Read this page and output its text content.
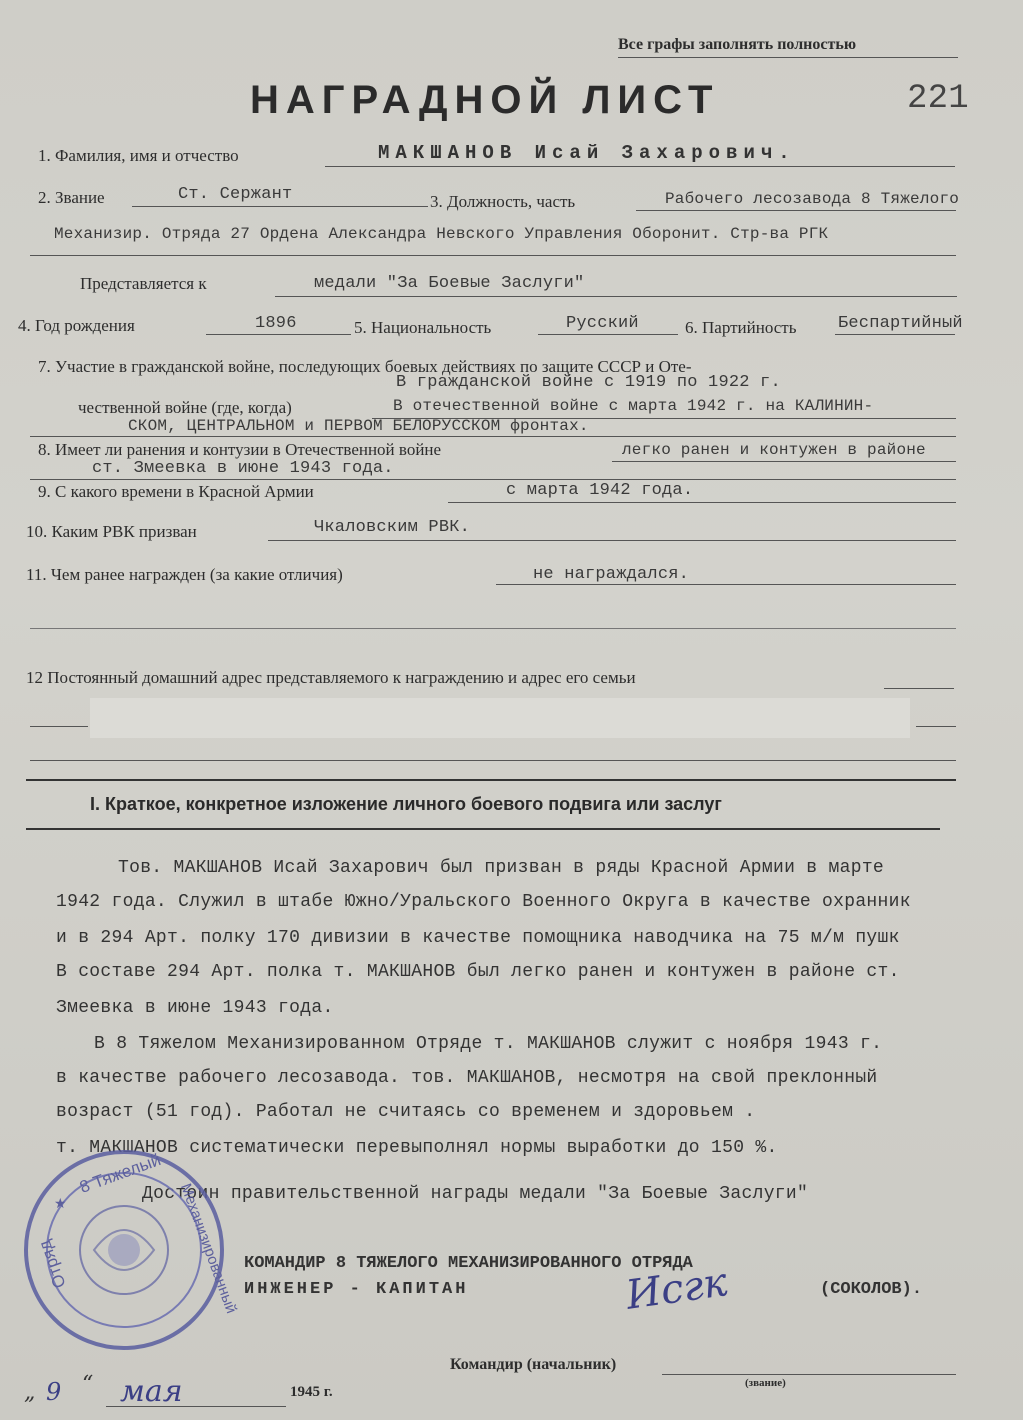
Все графы заполнять полностью
221
НАГРАДНОЙ ЛИСТ
1. Фамилия, имя и отчество	МАКШАНОВ Исай Захарович.
2. Звание	Ст. Сержант	3. Должность, часть	Рабочего лесозавода 8 Тяжелого
Механизир. Отряда 27 Ордена Александра Невского Управления Оборонит. Стр-ва РГК
Представляется к	медали "За Боевые Заслуги"
4. Год рождения	1896	5. Национальность	Русский	6. Партийность Беспартийный
7. Участие в гражданской войне, последующих боевых действиях по защите СССР и Оте-
В гражданской войне с 1919 по 1922 г.
чественной войне (где, когда)	В отечественной войне с марта 1942 г. на КАЛИНИН-
СКОМ, ЦЕНТРАЛЬНОМ и ПЕРВОМ БЕЛОРУССКОМ фронтах.
8. Имеет ли ранения и контузии в Отечественной войне	легко ранен и контужен в районе
ст. Змеевка в июне 1943 года.
9. С какого времени в Красной Армии	с марта 1942 года.
10. Каким РВК призван	Чкаловским РВК.
11. Чем ранее награжден (за какие отличия)	не награждался.
12 Постоянный домашний адрес представляемого к награждению и адрес его семьи
I. Краткое, конкретное изложение личного боевого подвига или заслуг
Тов. МАКШАНОВ Исай Захарович был призван в ряды Красной Армии в марте
1942 года. Служил в штабе Южно/Уральского Военного Округа в качестве охранник
и в 294 Арт. полку 170 дивизии в качестве помощника наводчика на 75 м/м пушк
В составе 294 Арт. полка т. МАКШАНОВ был легко ранен и контужен в районе ст.
Змеевка в июне 1943 года.
В 8 Тяжелом Механизированном Отряде т. МАКШАНОВ служит с ноября 1943 г.
в качестве рабочего лесозавода. тов. МАКШАНОВ, несмотря на свой преклонный
возраст (51 год). Работал не считаясь со временем и здоровьем .
т. МАКШАНОВ систематически перевыполнял нормы выработки до 150 %.
Достоин правительственной награды медали "За Боевые Заслуги"
★
8 Тяжелый
Механизированный
Отряд	КОМАНДИР 8 ТЯЖЕЛОГО МЕХАНИЗИРОВАННОГО ОТРЯДА
ИНЖЕНЕР - КАПИТАН	Исгк	(СОКОЛОВ).
Командир (начальник)
(звание)
„ 9 “ мая	1945 г.
